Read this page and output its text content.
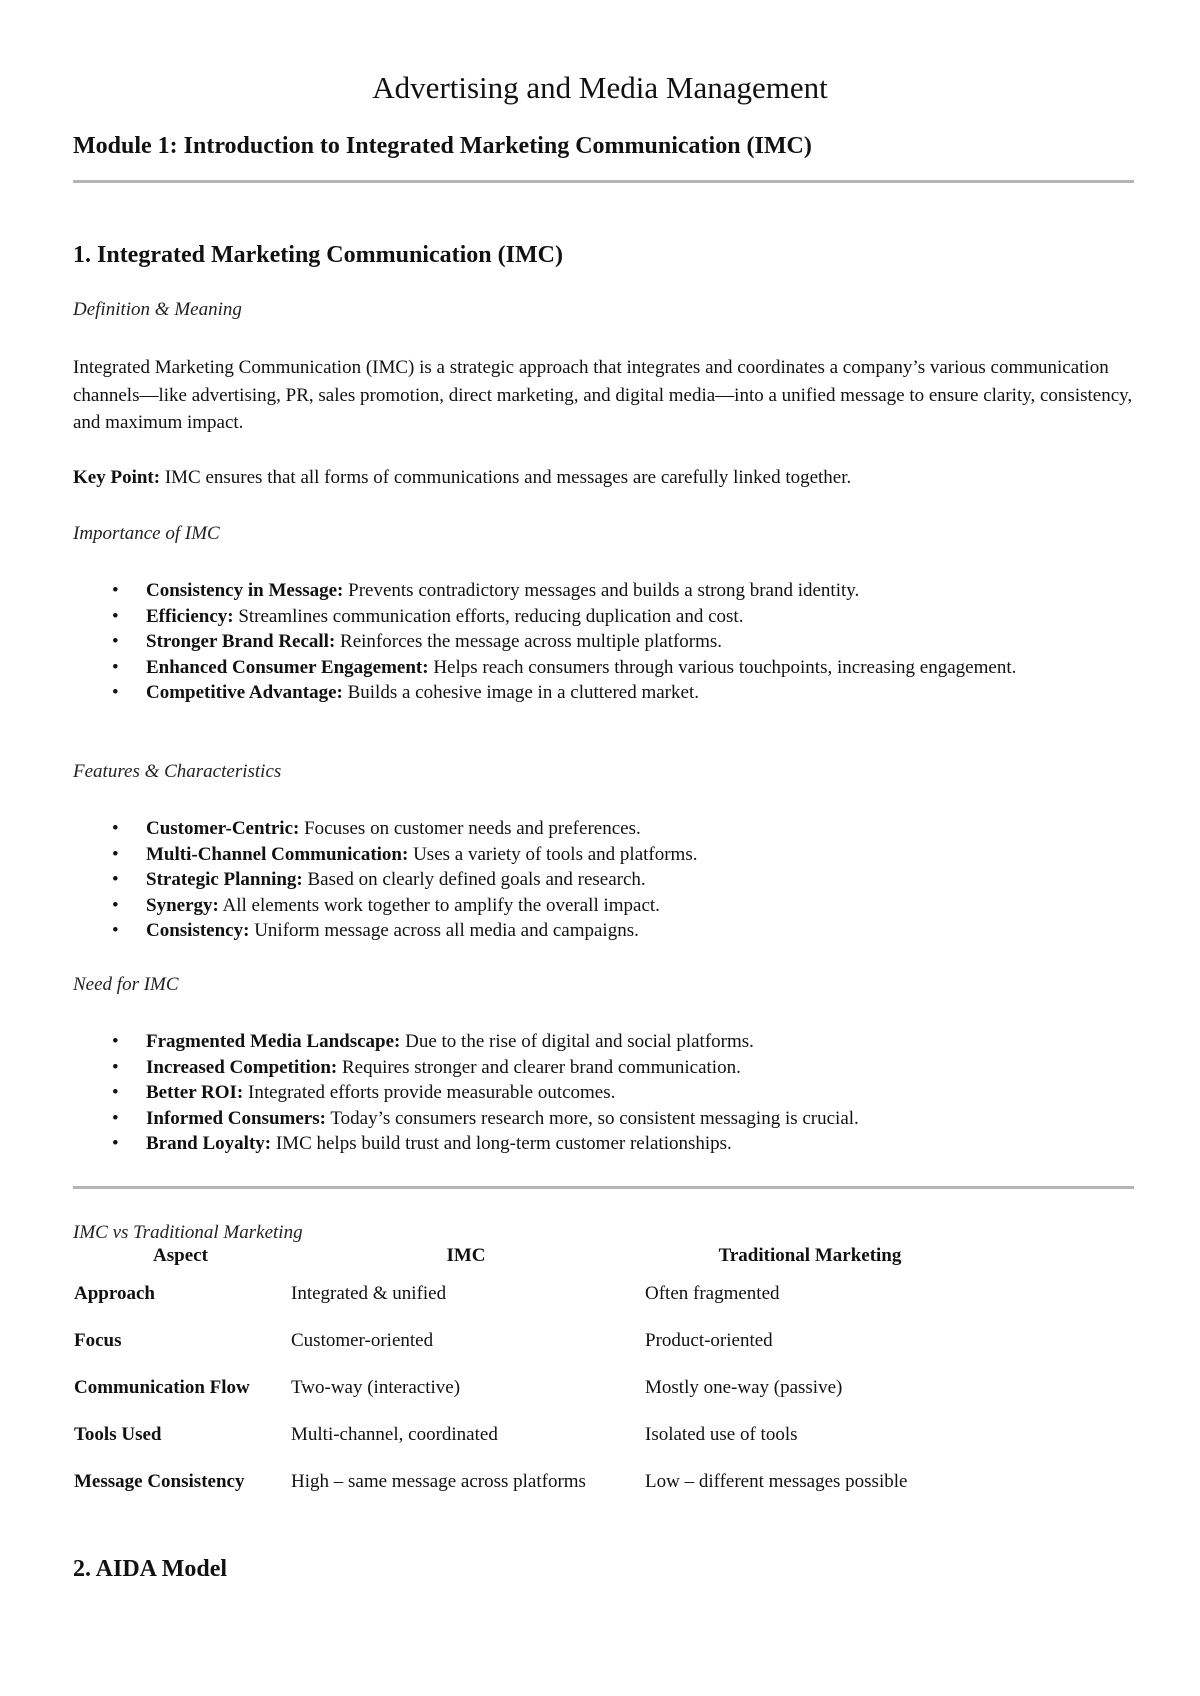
Advertising and Media Management
Module 1: Introduction to Integrated Marketing Communication (IMC)
1. Integrated Marketing Communication (IMC)

Definition & Meaning

Integrated Marketing Communication (IMC) is a strategic approach that integrates and coordinates a company’s various communication channels—like advertising, PR, sales promotion, direct marketing, and digital media—into a unified message to ensure clarity, consistency, and maximum impact.

Key Point: IMC ensures that all forms of communications and messages are carefully linked together.

Importance of IMC

• Consistency in Message: Prevents contradictory messages and builds a strong brand identity.
• Efficiency: Streamlines communication efforts, reducing duplication and cost.
• Stronger Brand Recall: Reinforces the message across multiple platforms.
• Enhanced Consumer Engagement: Helps reach consumers through various touchpoints, increasing engagement.
• Competitive Advantage: Builds a cohesive image in a cluttered market.

Features & Characteristics

• Customer-Centric: Focuses on customer needs and preferences.
• Multi-Channel Communication: Uses a variety of tools and platforms.
• Strategic Planning: Based on clearly defined goals and research.
• Synergy: All elements work together to amplify the overall impact.
• Consistency: Uniform message across all media and campaigns.

Need for IMC

• Fragmented Media Landscape: Due to the rise of digital and social platforms.
• Increased Competition: Requires stronger and clearer brand communication.
• Better ROI: Integrated efforts provide measurable outcomes.
• Informed Consumers: Today’s consumers research more, so consistent messaging is crucial.
• Brand Loyalty: IMC helps build trust and long-term customer relationships.

IMC vs Traditional Marketing

Aspect	IMC	Traditional Marketing
Approach	Integrated & unified	Often fragmented
Focus	Customer-oriented	Product-oriented
Communication Flow	Two-way (interactive)	Mostly one-way (passive)
Tools Used	Multi-channel, coordinated	Isolated use of tools
Message Consistency	High – same message across platforms	Low – different messages possible
2. AIDA Model
